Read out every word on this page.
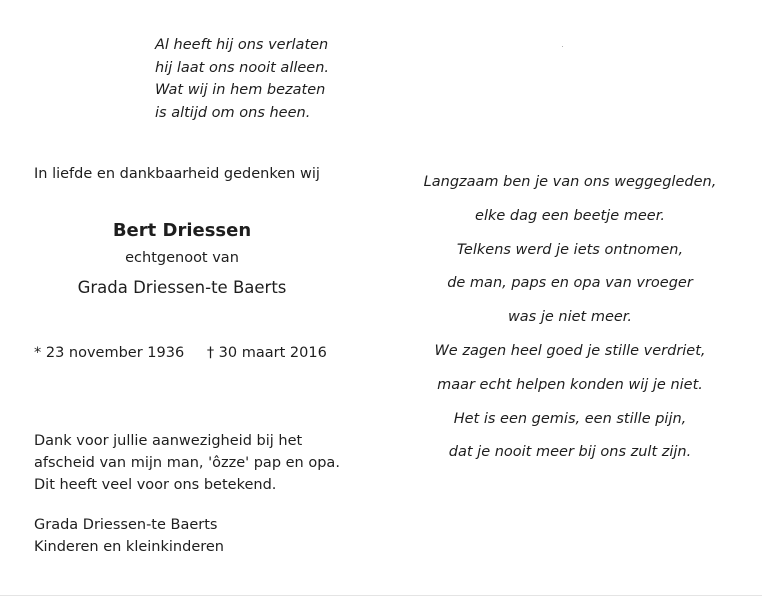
Al heeft hij ons verlaten
hij laat ons nooit alleen.
Wat wij in hem bezaten
is altijd om ons heen.
In liefde en dankbaarheid gedenken wij
Bert Driessen
echtgenoot van
Grada Driessen-te Baerts
* 23 november 1936 † 30 maart 2016
Dank voor jullie aanwezigheid bij het
afscheid van mijn man, 'ôzze' pap en opa.
Dit heeft veel voor ons betekend.
Grada Driessen-te Baerts
Kinderen en kleinkinderen
Langzaam ben je van ons weggegleden,
elke dag een beetje meer.
Telkens werd je iets ontnomen,
de man, paps en opa van vroeger
was je niet meer.
We zagen heel goed je stille verdriet,
maar echt helpen konden wij je niet.
Het is een gemis, een stille pijn,
dat je nooit meer bij ons zult zijn.
